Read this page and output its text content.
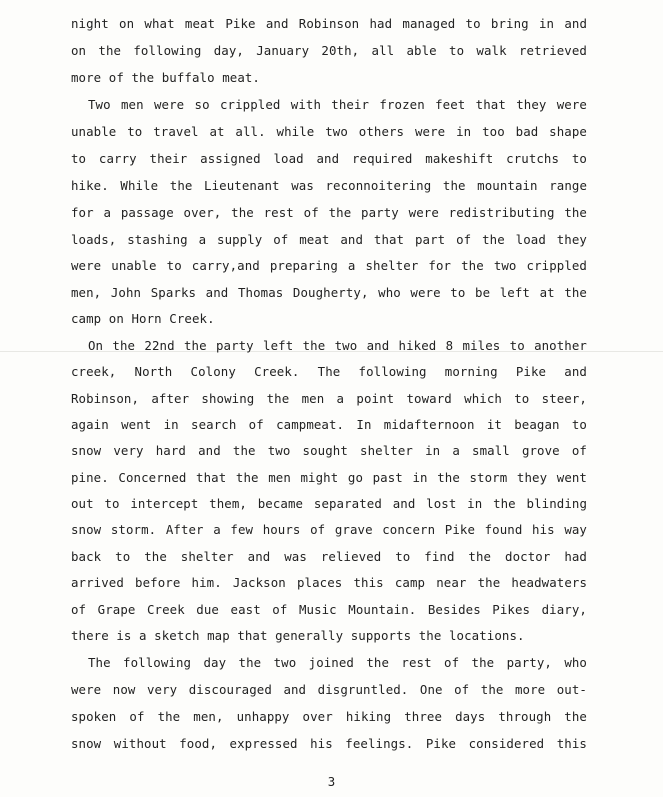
night on what meat Pike and Robinson had managed to bring in and
on the following day, January 20th, all able to walk retrieved
more of the buffalo meat.
Two men were so crippled with their frozen feet that they were
unable to travel at all. while two others were in too bad shape
to carry their assigned load and required makeshift crutchs to
hike. While the Lieutenant was reconnoitering the mountain range
for a passage over, the rest of the party were redistributing the
loads, stashing a supply of meat and that part of the load they
were unable to carry,and preparing a shelter for the two crippled
men, John Sparks and Thomas Dougherty, who were to be left at the
camp on Horn Creek.
On the 22nd the party left the two and hiked 8 miles to another
creek, North Colony Creek. The following morning Pike and
Robinson, after showing the men a point toward which to steer,
again went in search of campmeat. In midafternoon it beagan to
snow very hard and the two sought shelter in a small grove of
pine. Concerned that the men might go past in the storm they went
out to intercept them, became separated and lost in the blinding
snow storm. After a few hours of grave concern Pike found his way
back to the shelter and was relieved to find the doctor had
arrived before him. Jackson places this camp near the headwaters
of Grape Creek due east of Music Mountain. Besides Pikes diary,
there is a sketch map that generally supports the locations.
The following day the two joined the rest of the party, who
were now very discouraged and disgruntled. One of the more out-
spoken of the men, unhappy over hiking three days through the
snow without food, expressed his feelings. Pike considered this
3
